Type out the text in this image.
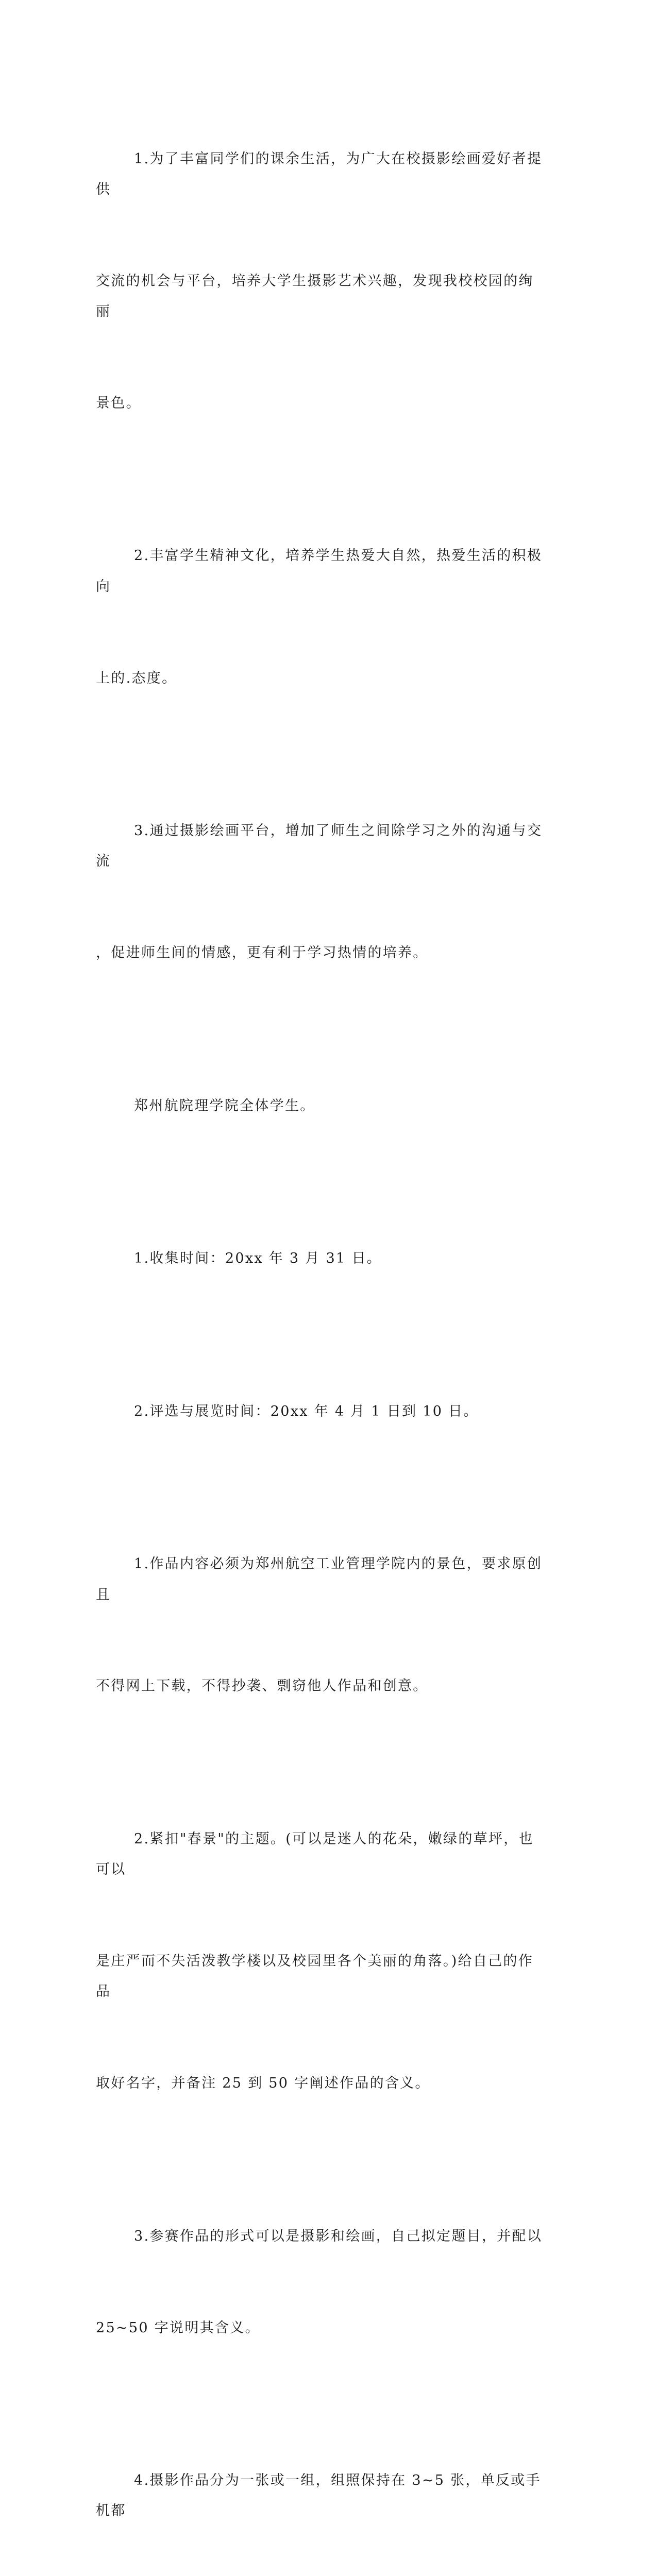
1.为了丰富同学们的课余生活，为广大在校摄影绘画爱好者提供

交流的机会与平台，培养大学生摄影艺术兴趣，发现我校校园的绚丽

景色。

2.丰富学生精神文化，培养学生热爱大自然，热爱生活的积极向

上的.态度。

3.通过摄影绘画平台，增加了师生之间除学习之外的沟通与交流

，促进师生间的情感，更有利于学习热情的培养。

郑州航院理学院全体学生。

1.收集时间：20xx 年 3 月 31 日。

2.评选与展览时间：20xx 年 4 月 1 日到 10 日。

1.作品内容必须为郑州航空工业管理学院内的景色，要求原创且

不得网上下载，不得抄袭、剽窃他人作品和创意。

2.紧扣"春景"的主题。(可以是迷人的花朵，嫩绿的草坪，也可以

是庄严而不失活泼教学楼以及校园里各个美丽的角落。)给自己的作品

取好名字，并备注 25 到 50 字阐述作品的含义。

3.参赛作品的形式可以是摄影和绘画，自己拟定题目，并配以

25~50 字说明其含义。

4.摄影作品分为一张或一组，组照保持在 3~5 张，单反或手机都
